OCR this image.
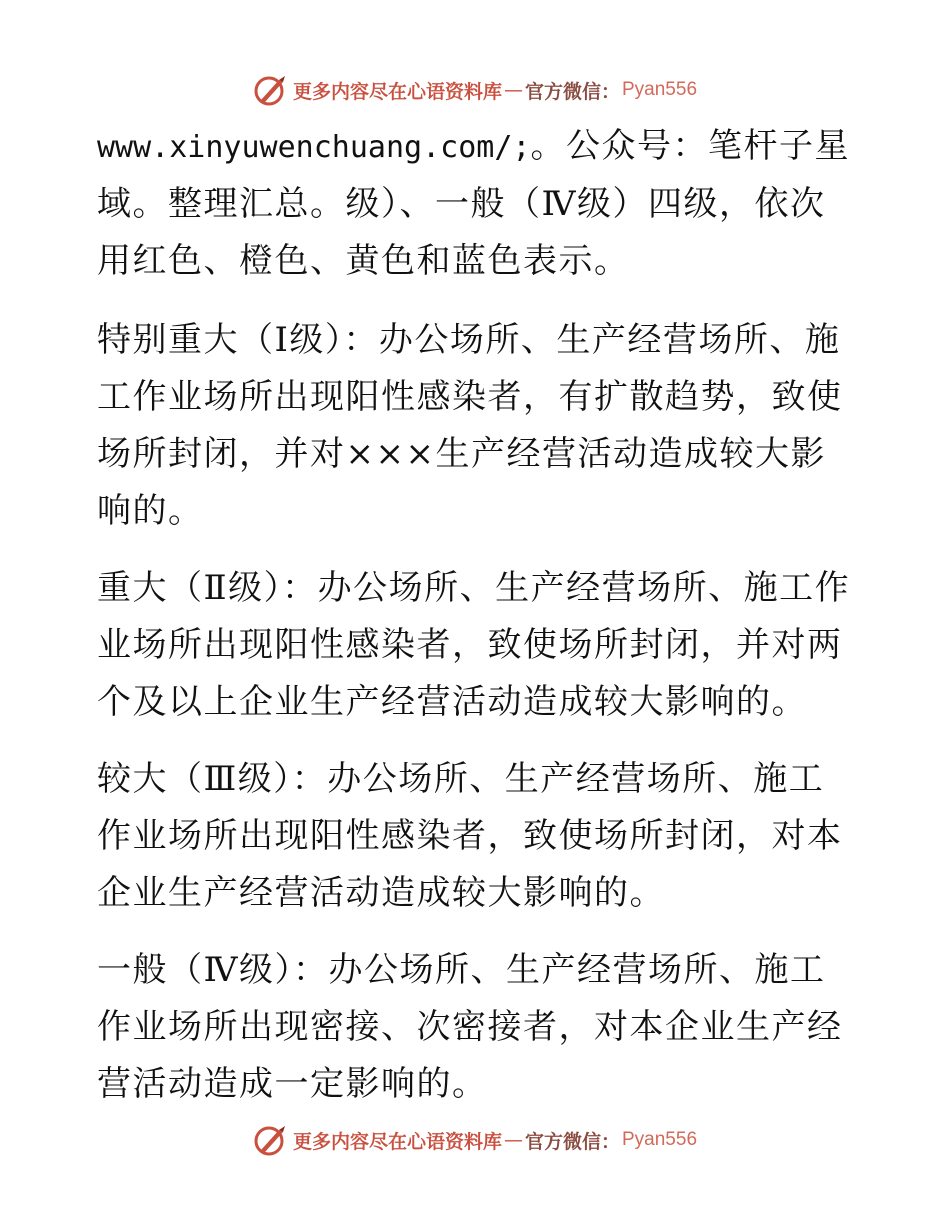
更多内容尽在心语资料库 — 官方微信： Pyan556

www.xinyuwenchuang.com/;。公众号：笔杆子星域。整理汇总。级）、一般（Ⅳ级）四级，依次用红色、橙色、黄色和蓝色表示。

特别重大（Ⅰ级）：办公场所、生产经营场所、施工作业场所出现阳性感染者，有扩散趋势，致使场所封闭，并对×××生产经营活动造成较大影响的。

重大（Ⅱ级）：办公场所、生产经营场所、施工作业场所出现阳性感染者，致使场所封闭，并对两个及以上企业生产经营活动造成较大影响的。

较大（Ⅲ级）：办公场所、生产经营场所、施工作业场所出现阳性感染者，致使场所封闭，对本企业生产经营活动造成较大影响的。

一般（Ⅳ级）：办公场所、生产经营场所、施工作业场所出现密接、次密接者，对本企业生产经营活动造成一定影响的。

更多内容尽在心语资料库 — 官方微信： Pyan556
